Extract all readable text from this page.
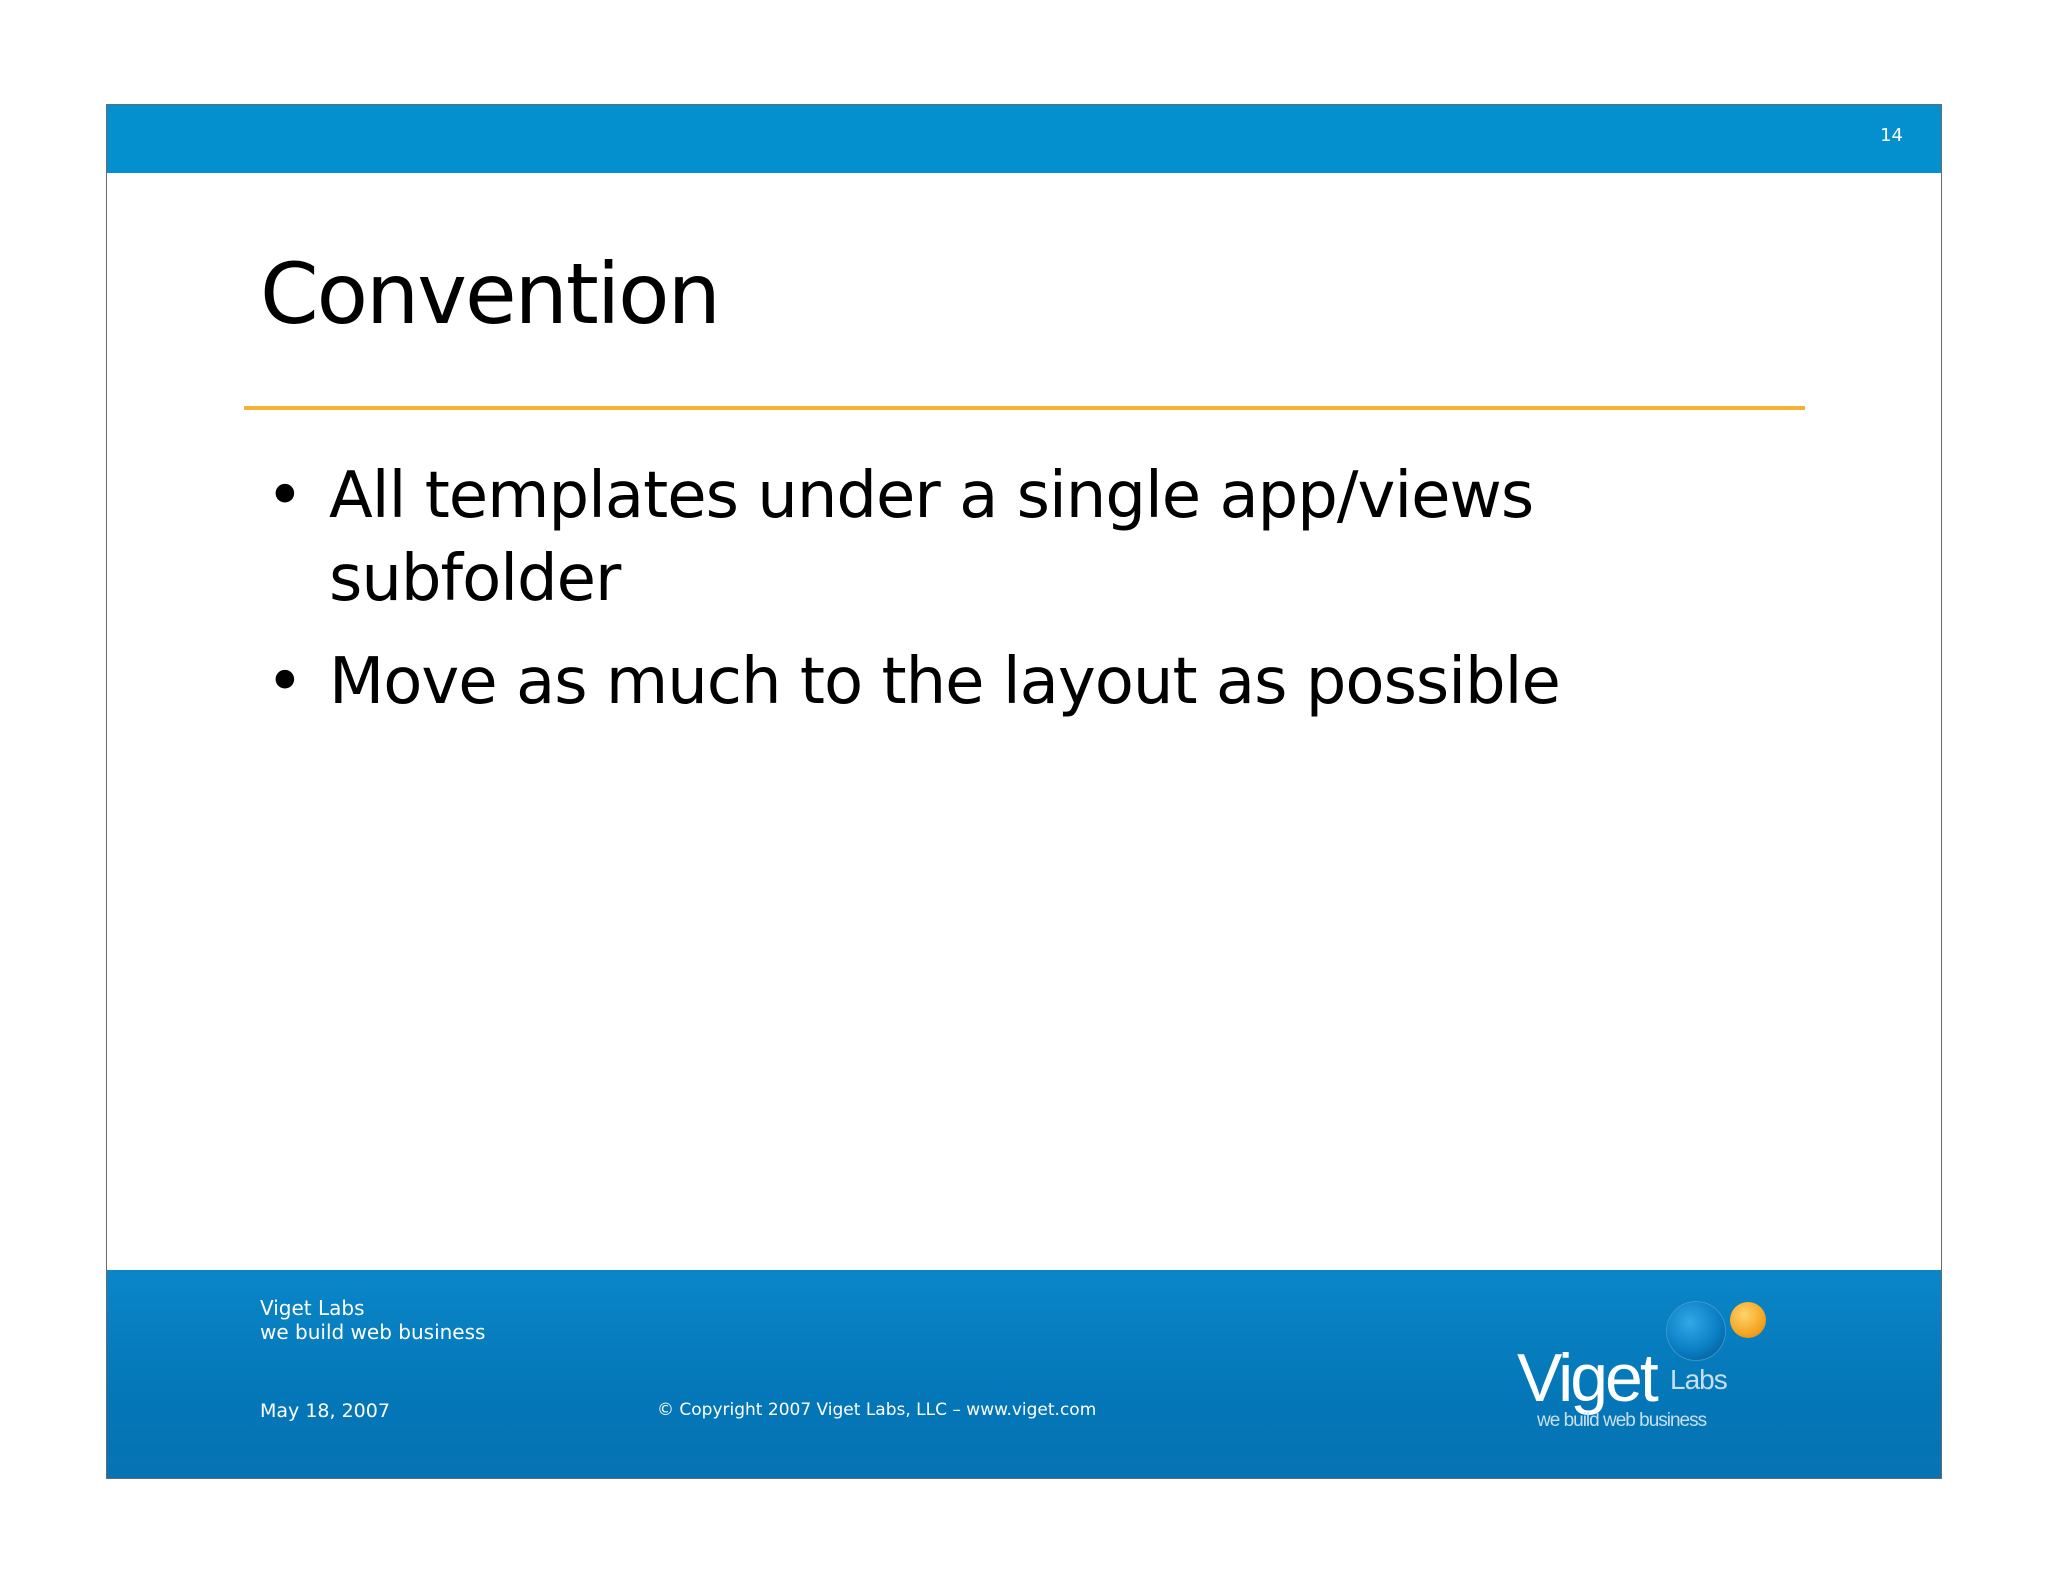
14
Convention
• All templates under a single app/views
subfolder
• Move as much to the layout as possible
Viget Labs
we build web business
May 18, 2007	© Copyright 2007 Viget Labs, LLC – www.viget.com	Viget Labs
we build web business
